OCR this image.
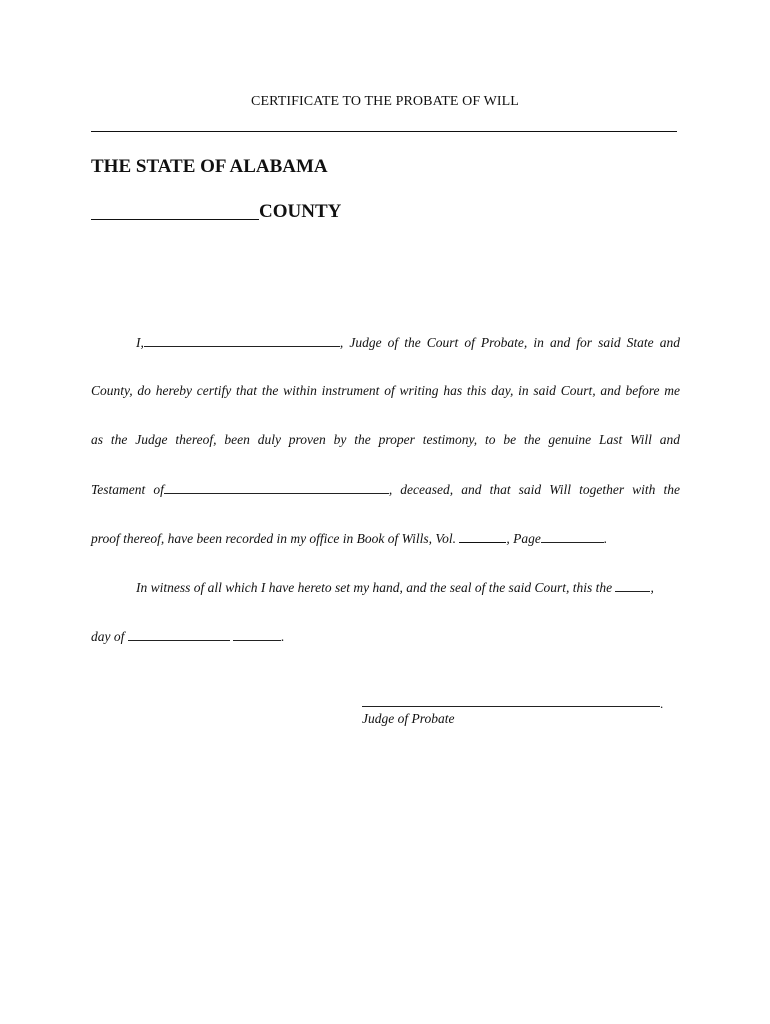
CERTIFICATE TO THE PROBATE OF WILL
THE STATE OF ALABAMA
COUNTY
I,	, Judge of the Court of Probate, in and for said State and
County, do hereby certify that the within instrument of writing has this day, in said Court, and before me
as the Judge thereof, been duly proven by the proper testimony, to be the genuine Last Will and
Testament of	, deceased, and that said Will together with the
proof thereof, have been recorded in my office in Book of Wills, Vol.	, Page	.
In witness of all which I have hereto set my hand, and the seal of the said Court, this the	,
day of	.
.
Judge of Probate
